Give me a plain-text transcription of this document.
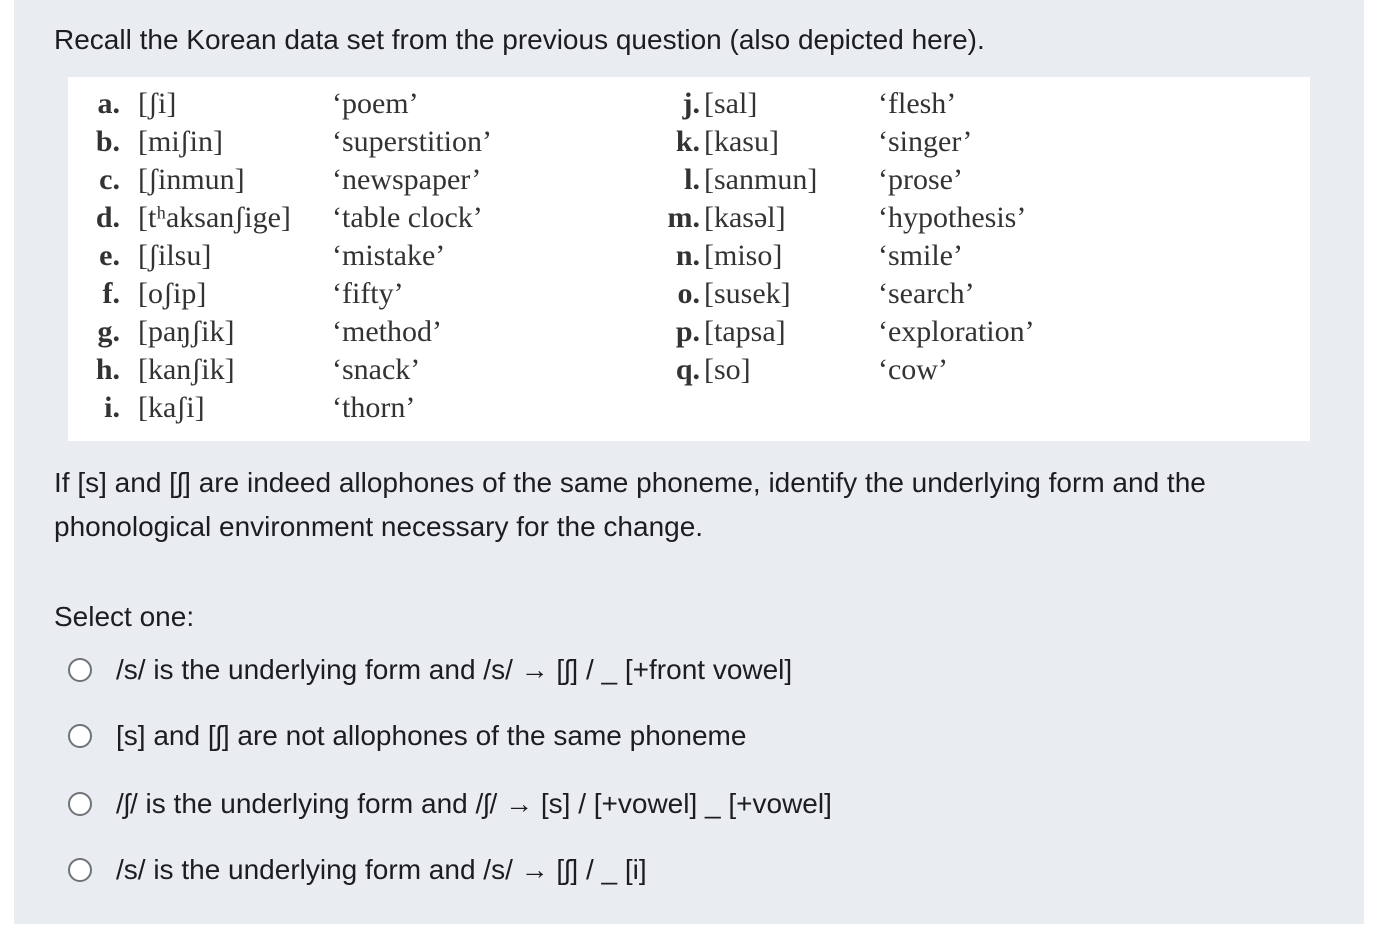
Recall the Korean data set from the previous question (also depicted here).

a. [ʃi]	‘poem’
b. [miʃin]	‘superstition’
c. [ʃinmun]	‘newspaper’
d. [tʰaksanʃige] ‘table clock’
e. [ʃilsu]	‘mistake’
f. [oʃip]	‘fifty’
g. [paŋʃik]	‘method’
h. [kanʃik]	‘snack’
i. [kaʃi]	‘thorn’
j. [sal]	‘flesh’
k. [kasu]	‘singer’
l. [sanmun] ‘prose’
m. [kasəl]	‘hypothesis’
n. [miso]	‘smile’
o. [susek]	‘search’
p. [tapsa]	‘exploration’
q. [so]	‘cow’

If [s] and [ʃ] are indeed allophones of the same phoneme, identify the underlying form and the phonological environment necessary for the change.

Select one:
/s/ is the underlying form and /s/ → [ʃ] / _ [+front vowel]
[s] and [ʃ] are not allophones of the same phoneme
/ʃ/ is the underlying form and /ʃ/ → [s] / [+vowel] _ [+vowel]
/s/ is the underlying form and /s/ → [ʃ] / _ [i]
